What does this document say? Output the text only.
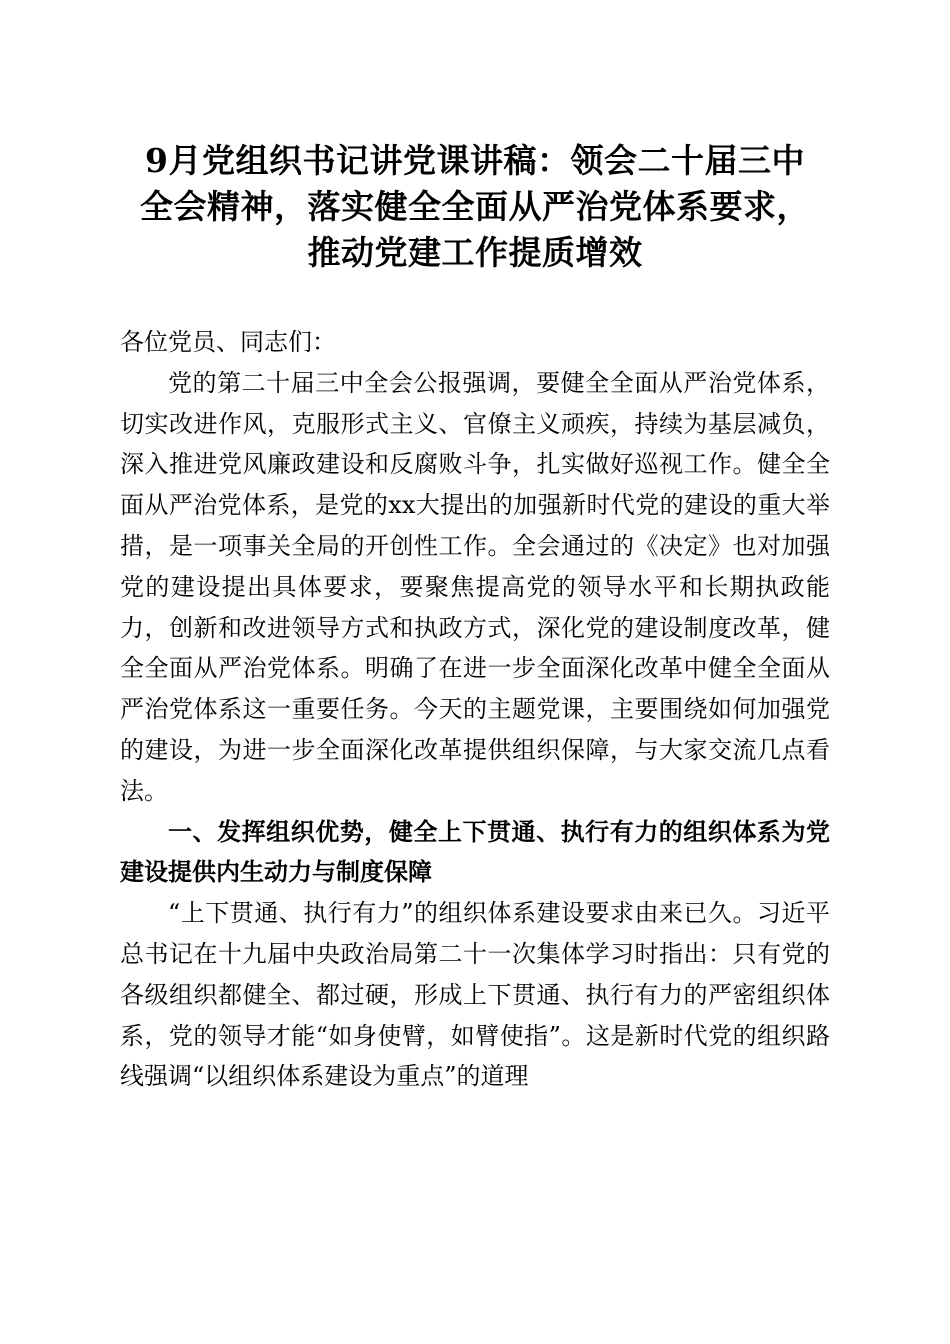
9月党组织书记讲党课讲稿：领会二十届三中
全会精神，落实健全全面从严治党体系要求，
推动党建工作提质增效

各位党员、同志们：

党的第二十届三中全会公报强调，要健全全面从严治党体系，切实改进作风，克服形式主义、官僚主义顽疾，持续为基层减负，深入推进党风廉政建设和反腐败斗争，扎实做好巡视工作。健全全面从严治党体系，是党的xx大提出的加强新时代党的建设的重大举措，是一项事关全局的开创性工作。全会通过的《决定》也对加强党的建设提出具体要求，要聚焦提高党的领导水平和长期执政能力，创新和改进领导方式和执政方式，深化党的建设制度改革，健全全面从严治党体系。明确了在进一步全面深化改革中健全全面从严治党体系这一重要任务。今天的主题党课，主要围绕如何加强党的建设，为进一步全面深化改革提供组织保障，与大家交流几点看法。

一、发挥组织优势，健全上下贯通、执行有力的组织体系为党建设提供内生动力与制度保障

“上下贯通、执行有力”的组织体系建设要求由来已久。习近平总书记在十九届中央政治局第二十一次集体学习时指出：只有党的各级组织都健全、都过硬，形成上下贯通、执行有力的严密组织体系，党的领导才能“如身使臂，如臂使指”。这是新时代党的组织路线强调“以组织体系建设为重点”的道理
